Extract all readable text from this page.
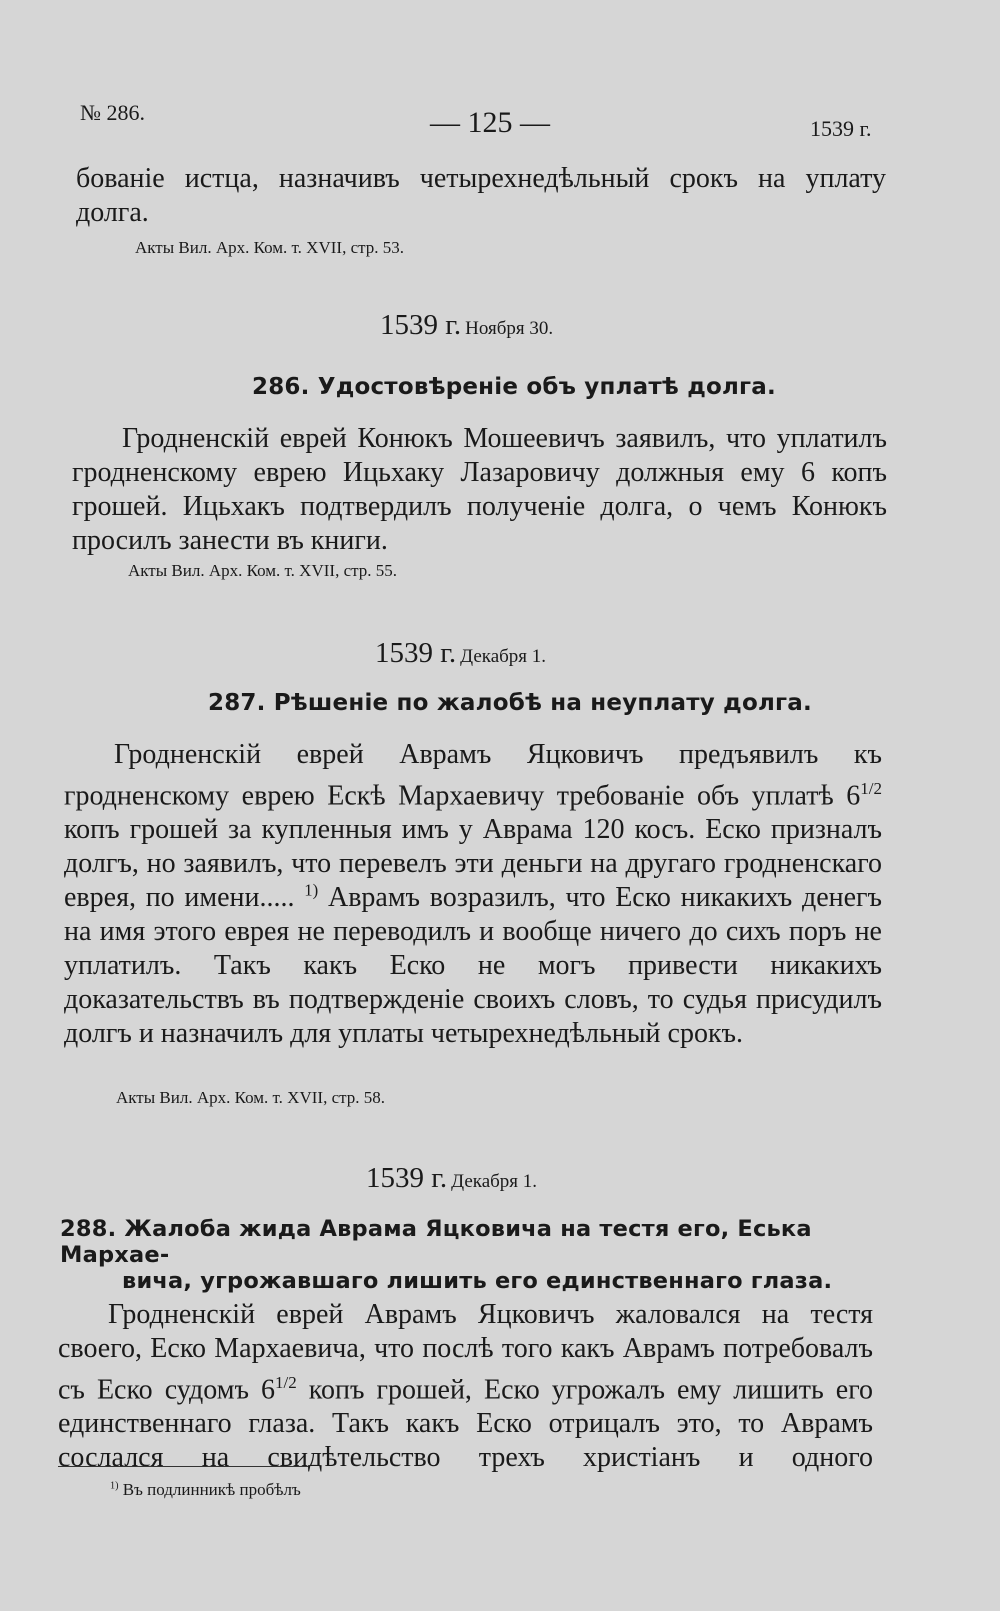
№ 286.	— 125 —	1539 г.
бованіе истца, назначивъ четырехнедѣльный срокъ на уплату долга.
Акты Вил. Арх. Ком. т. XVII, стр. 53.
1539 г. Ноября 30.
286. Удостовѣреніе объ уплатѣ долга.
Гродненскій еврей Конюкъ Мошеевичъ заявилъ, что уплатилъ гродненскому еврею Ицьхаку Лазаровичу должныя ему 6 копъ грошей. Ицьхакъ подтвердилъ полученіе долга, о чемъ Конюкъ просилъ занести въ книги.
Акты Вил. Арх. Ком. т. XVII, стр. 55.
1539 г. Декабря 1.
287. Рѣшеніе по жалобѣ на неуплату долга.
Гродненскій еврей Аврамъ Яцковичъ предъявилъ къ гродненскому еврею Ескѣ Мархаевичу требованіе объ уплатѣ $6^{1/2}$ копъ грошей за купленныя имъ у Аврама 120 косъ. Еско призналъ долгъ, но заявилъ, что перевелъ эти деньги на другаго гродненскаго еврея, по имени..... $^{1)}$ Аврамъ возразилъ, что Еско никакихъ денегъ на имя этого еврея не переводилъ и вообще ничего до сихъ поръ не уплатилъ. Такъ какъ Еско не могъ привести никакихъ доказательствъ въ подтвержденіе своихъ словъ, то судья присудилъ долгъ и назначилъ для уплаты четырехнедѣльный срокъ.
Акты Вил. Арх. Ком. т. XVII, стр. 58.
1539 г. Декабря 1.
288. Жалоба жида Аврама Яцковича на тестя его, Еська Мархае-
вича, угрожавшаго лишить его единственнаго глаза.
Гродненскій еврей Аврамъ Яцковичъ жаловался на тестя своего, Еско Мархаевича, что послѣ того какъ Аврамъ потребовалъ съ Еско судомъ $6^{1/2}$ копъ грошей, Еско угрожалъ ему лишить его единственнаго глаза. Такъ какъ Еско отрицалъ это, то Аврамъ сослался на свидѣтельство трехъ христіанъ и одного
$^{1)}$ Въ подлинникѣ пробѣлъ
